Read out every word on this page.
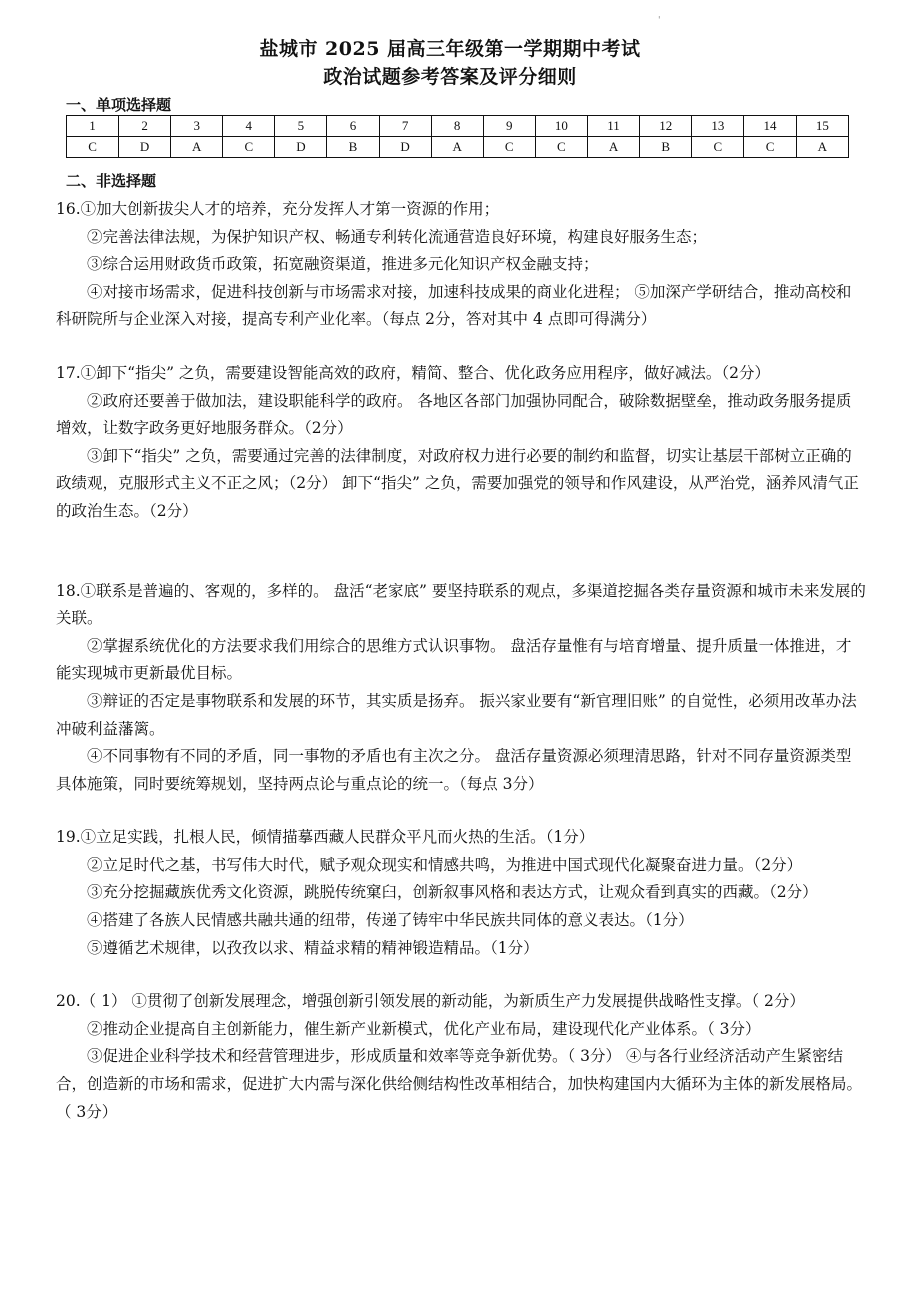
'
盐城市 2025 届高三年级第一学期期中考试
政治试题参考答案及评分细则
一、单项选择题
1	2	3	4	5	6	7	8	9	10	11	12	13	14	15
C	D	A	C	D	B	D	A	C	C	A	B	C	C	A
二、非选择题

16.①加大创新拔尖人才的培养，充分发挥人才第一资源的作用；

②完善法律法规，为保护知识产权、畅通专利转化流通营造良好环境，构建良好服务生态；

③综合运用财政货币政策，拓宽融资渠道，推进多元化知识产权金融支持；

④对接市场需求，促进科技创新与市场需求对接，加速科技成果的商业化进程； ⑤加深产学研结合，推动高校和科研院所与企业深入对接，提高专利产业化率。（每点 2分，答对其中 4 点即可得满分）

17.①卸下“指尖” 之负，需要建设智能高效的政府，精简、整合、优化政务应用程序，做好减法。（2分）

②政府还要善于做加法，建设职能科学的政府。 各地区各部门加强协同配合，破除数据壁垒，推动政务服务提质增效，让数字政务更好地服务群众。（2分）

③卸下“指尖” 之负，需要通过完善的法律制度，对政府权力进行必要的制约和监督，切实让基层干部树立正确的政绩观，克服形式主义不正之风；（2分） 卸下“指尖” 之负，需要加强党的领导和作风建设，从严治党，涵养风清气正的政治生态。（2分）

18.①联系是普遍的、客观的，多样的。 盘活“老家底” 要坚持联系的观点，多渠道挖掘各类存量资源和城市未来发展的关联。

②掌握系统优化的方法要求我们用综合的思维方式认识事物。 盘活存量惟有与培育增量、提升质量一体推进，才能实现城市更新最优目标。

③辩证的否定是事物联系和发展的环节，其实质是扬弃。 振兴家业要有“新官理旧账” 的自觉性，必须用改革办法冲破利益藩篱。

④不同事物有不同的矛盾，同一事物的矛盾也有主次之分。 盘活存量资源必须理清思路，针对不同存量资源类型具体施策，同时要统筹规划，坚持两点论与重点论的统一。（每点 3分）

19.①立足实践，扎根人民，倾情描摹西藏人民群众平凡而火热的生活。（1分）

②立足时代之基，书写伟大时代，赋予观众现实和情感共鸣，为推进中国式现代化凝聚奋进力量。（2分）

③充分挖掘藏族优秀文化资源，跳脱传统窠臼，创新叙事风格和表达方式，让观众看到真实的西藏。（2分）

④搭建了各族人民情感共融共通的纽带，传递了铸牢中华民族共同体的意义表达。（1分）

⑤遵循艺术规律，以孜孜以求、精益求精的精神锻造精品。（1分）

20.（ 1） ①贯彻了创新发展理念，增强创新引领发展的新动能，为新质生产力发展提供战略性支撑。（ 2分）

②推动企业提高自主创新能力，催生新产业新模式，优化产业布局，建设现代化产业体系。（ 3分）

③促进企业科学技术和经营管理进步，形成质量和效率等竞争新优势。（ 3分） ④与各行业经济活动产生紧密结合，创造新的市场和需求，促进扩大内需与深化供给侧结构性改革相结合，加快构建国内大循环为主体的新发展格局。（ 3分）
